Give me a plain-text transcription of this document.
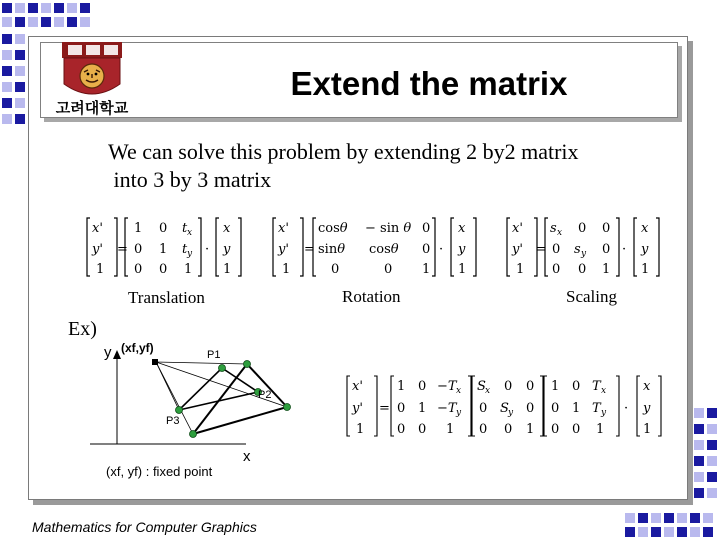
Extend the matrix
고려대학교
We can solve this problem by extending 2 by2 matrix
into 3 by 3 matrix
x'
y'
1
=
1 0 t x
0 1 t y
0 0 1
·
x
y
1
x'
y'
1
=
cosθ − sin θ 0
sinθ cosθ 0
0	0 1
·
x
y
1
x'
y'
1
=
s x 0 0
0 s y 0
0 0 1
·
x
y
1
Translation	Rotation	Scaling
Ex)
x'
y'
1
=
1 0 −T x
0 1 −T y
0 0 1
S x 0 0
0 S y 0
0 0 1
1 0 T x
0 1 T y
0 0 1
·
x
y
1
y (xf,yf)	P1
P2
P3
x
(xf, yf) : fixed point
Mathematics for Computer Graphics
